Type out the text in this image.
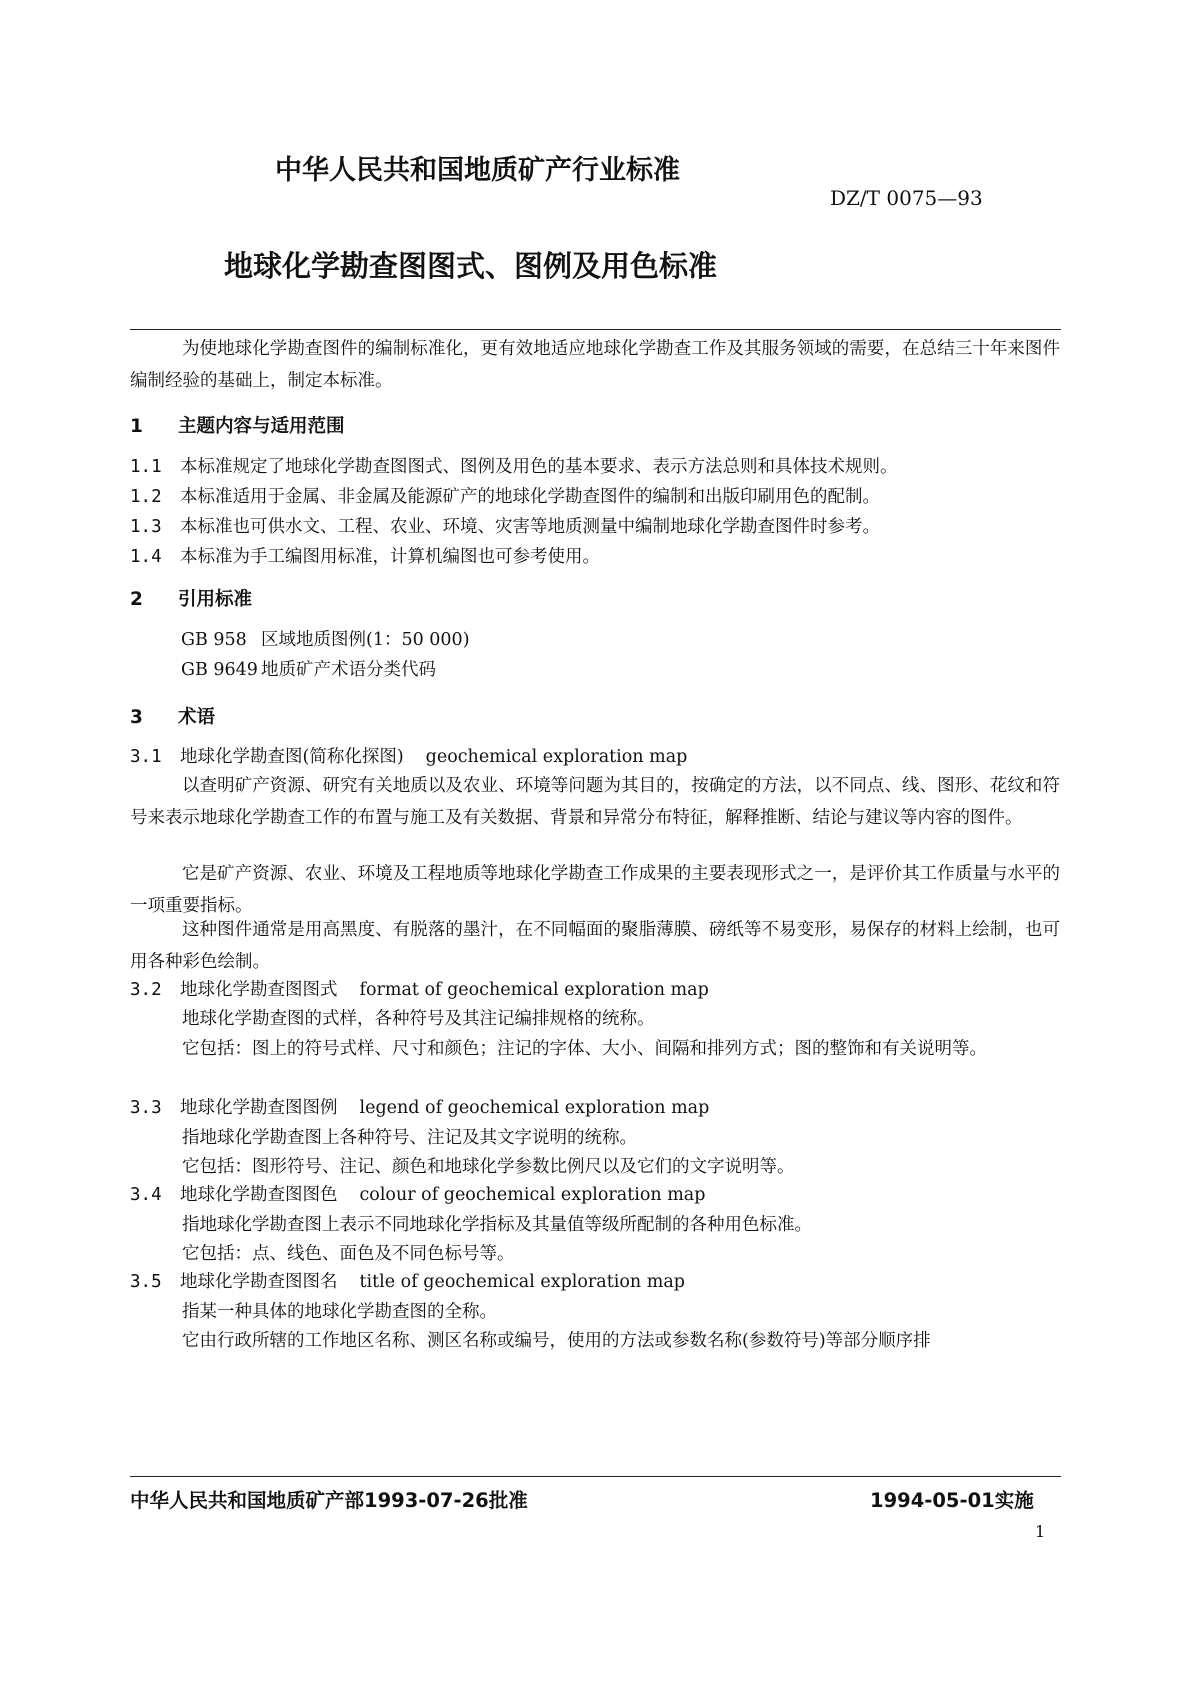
中华人民共和国地质矿产行业标准
DZ/T 0075—93
地球化学勘查图图式、图例及用色标准
为使地球化学勘查图件的编制标准化，更有效地适应地球化学勘查工作及其服务领域的需要，在总结三十年来图件编制经验的基础上，制定本标准。
1 主题内容与适用范围
1.1 本标准规定了地球化学勘查图图式、图例及用色的基本要求、表示方法总则和具体技术规则。
1.2 本标准适用于金属、非金属及能源矿产的地球化学勘查图件的编制和出版印刷用色的配制。
1.3 本标准也可供水文、工程、农业、环境、灾害等地质测量中编制地球化学勘查图件时参考。
1.4 本标准为手工编图用标准，计算机编图也可参考使用。
2 引用标准
GB 958 区域地质图例(1：50 000)
GB 9649 地质矿产术语分类代码
3 术语
3.1 地球化学勘查图(简称化探图) geochemical exploration map
以查明矿产资源、研究有关地质以及农业、环境等问题为其目的，按确定的方法，以不同点、线、图形、花纹和符号来表示地球化学勘查工作的布置与施工及有关数据、背景和异常分布特征，解释推断、结论与建议等内容的图件。
它是矿产资源、农业、环境及工程地质等地球化学勘查工作成果的主要表现形式之一，是评价其工作质量与水平的一项重要指标。
这种图件通常是用高黑度、有脱落的墨汁，在不同幅面的聚脂薄膜、磅纸等不易变形，易保存的材料上绘制，也可用各种彩色绘制。
3.2 地球化学勘查图图式 format of geochemical exploration map
地球化学勘查图的式样，各种符号及其注记编排规格的统称。
它包括：图上的符号式样、尺寸和颜色；注记的字体、大小、间隔和排列方式；图的整饰和有关说明等。
3.3 地球化学勘查图图例 legend of geochemical exploration map
指地球化学勘查图上各种符号、注记及其文字说明的统称。
它包括：图形符号、注记、颜色和地球化学参数比例尺以及它们的文字说明等。
3.4 地球化学勘查图图色 colour of geochemical exploration map
指地球化学勘查图上表示不同地球化学指标及其量值等级所配制的各种用色标准。
它包括：点、线色、面色及不同色标号等。
3.5 地球化学勘查图图名 title of geochemical exploration map
指某一种具体的地球化学勘查图的全称。
它由行政所辖的工作地区名称、测区名称或编号，使用的方法或参数名称(参数符号)等部分顺序排
中华人民共和国地质矿产部1993-07-26批准	1994-05-01实施
1
